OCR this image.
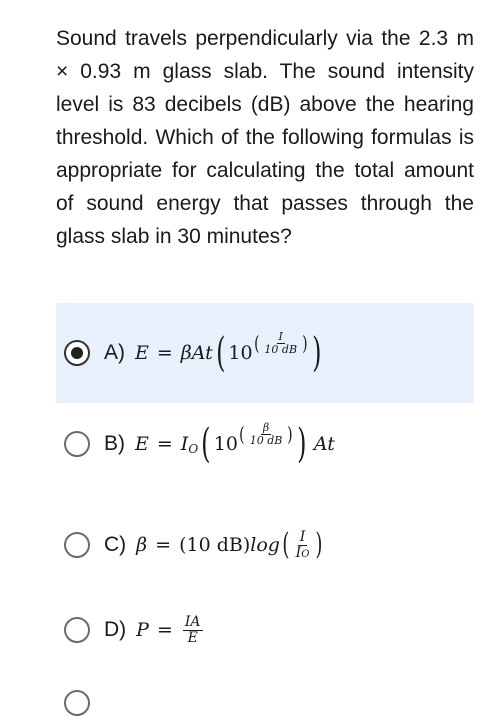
Sound travels perpendicularly via the 2.3 m × 0.93 m glass slab. The sound intensity level is 83 decibels (dB) above the hearing threshold. Which of the following formulas is appropriate for calculating the total amount of sound energy that passes through the glass slab in 30 minutes?

A) E = β At ( 10 ( $\frac{I}{10 dB}$ ) )
B) E = I O ( 10 ( $\frac{\beta}{10 dB}$ ) ) At
C) β = (10 dB) log ( $\frac{I}{IO}$ )
D) $P = \frac{IA}{E}$
